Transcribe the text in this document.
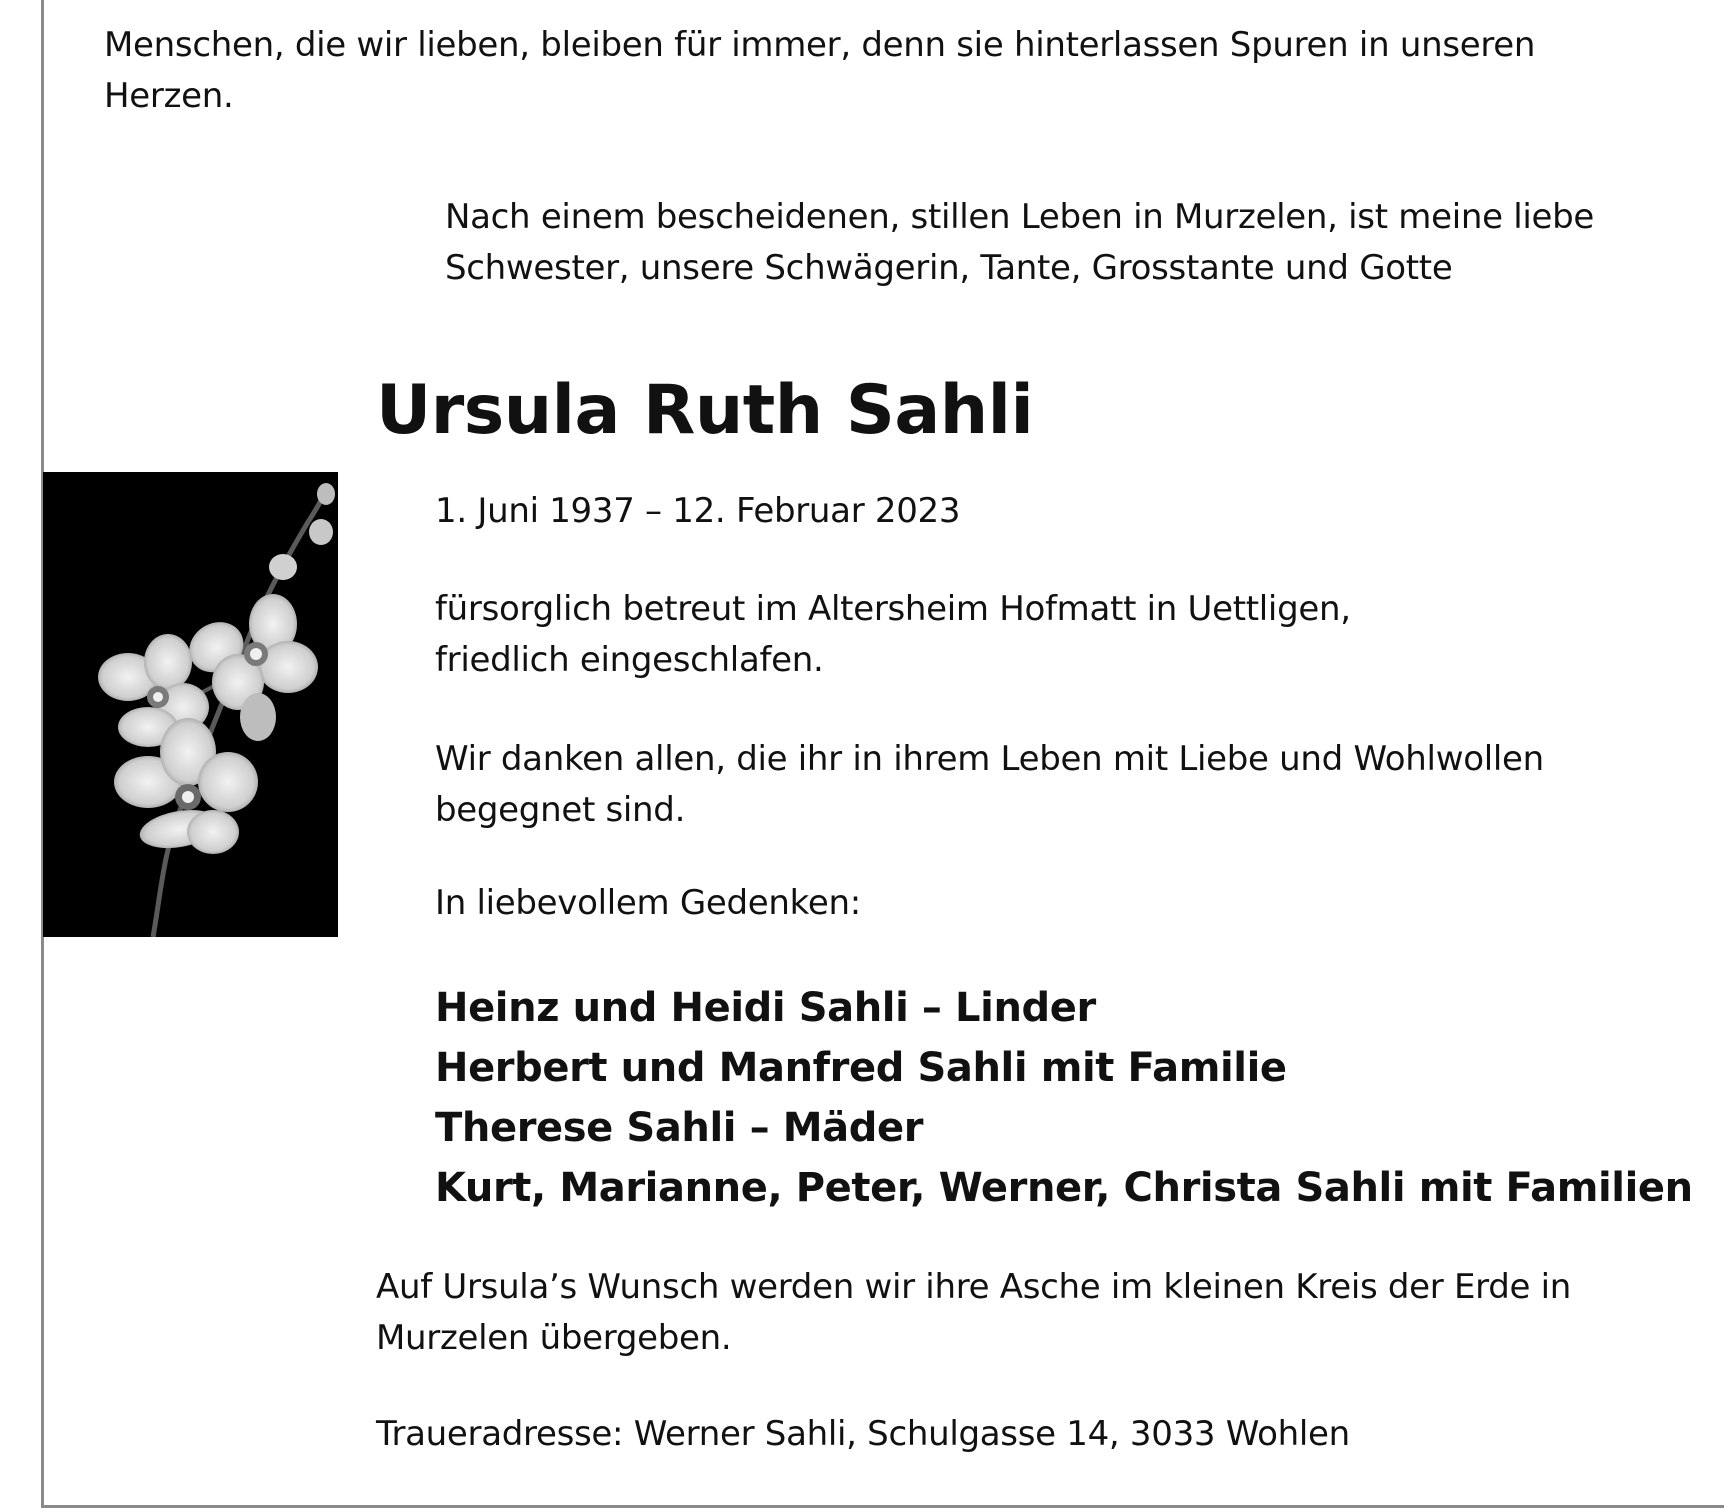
Menschen, die wir lieben, bleiben für immer, denn sie hinterlassen Spuren in unseren Herzen.

Nach einem bescheidenen, stillen Leben in Murzelen, ist meine liebe
Schwester, unsere Schwägerin, Tante, Grosstante und Gotte

Ursula Ruth Sahli

1. Juni 1937 – 12. Februar 2023

fürsorglich betreut im Altersheim Hofmatt in Uettligen,
friedlich eingeschlafen.

Wir danken allen, die ihr in ihrem Leben mit Liebe und Wohlwollen
begegnet sind.

In liebevollem Gedenken:

Heinz und Heidi Sahli – Linder
Herbert und Manfred Sahli mit Familie
Therese Sahli – Mäder
Kurt, Marianne, Peter, Werner, Christa Sahli mit Familien

Auf Ursula’s Wunsch werden wir ihre Asche im kleinen Kreis der Erde in
Murzelen übergeben.

Traueradresse: Werner Sahli, Schulgasse 14, 3033 Wohlen
